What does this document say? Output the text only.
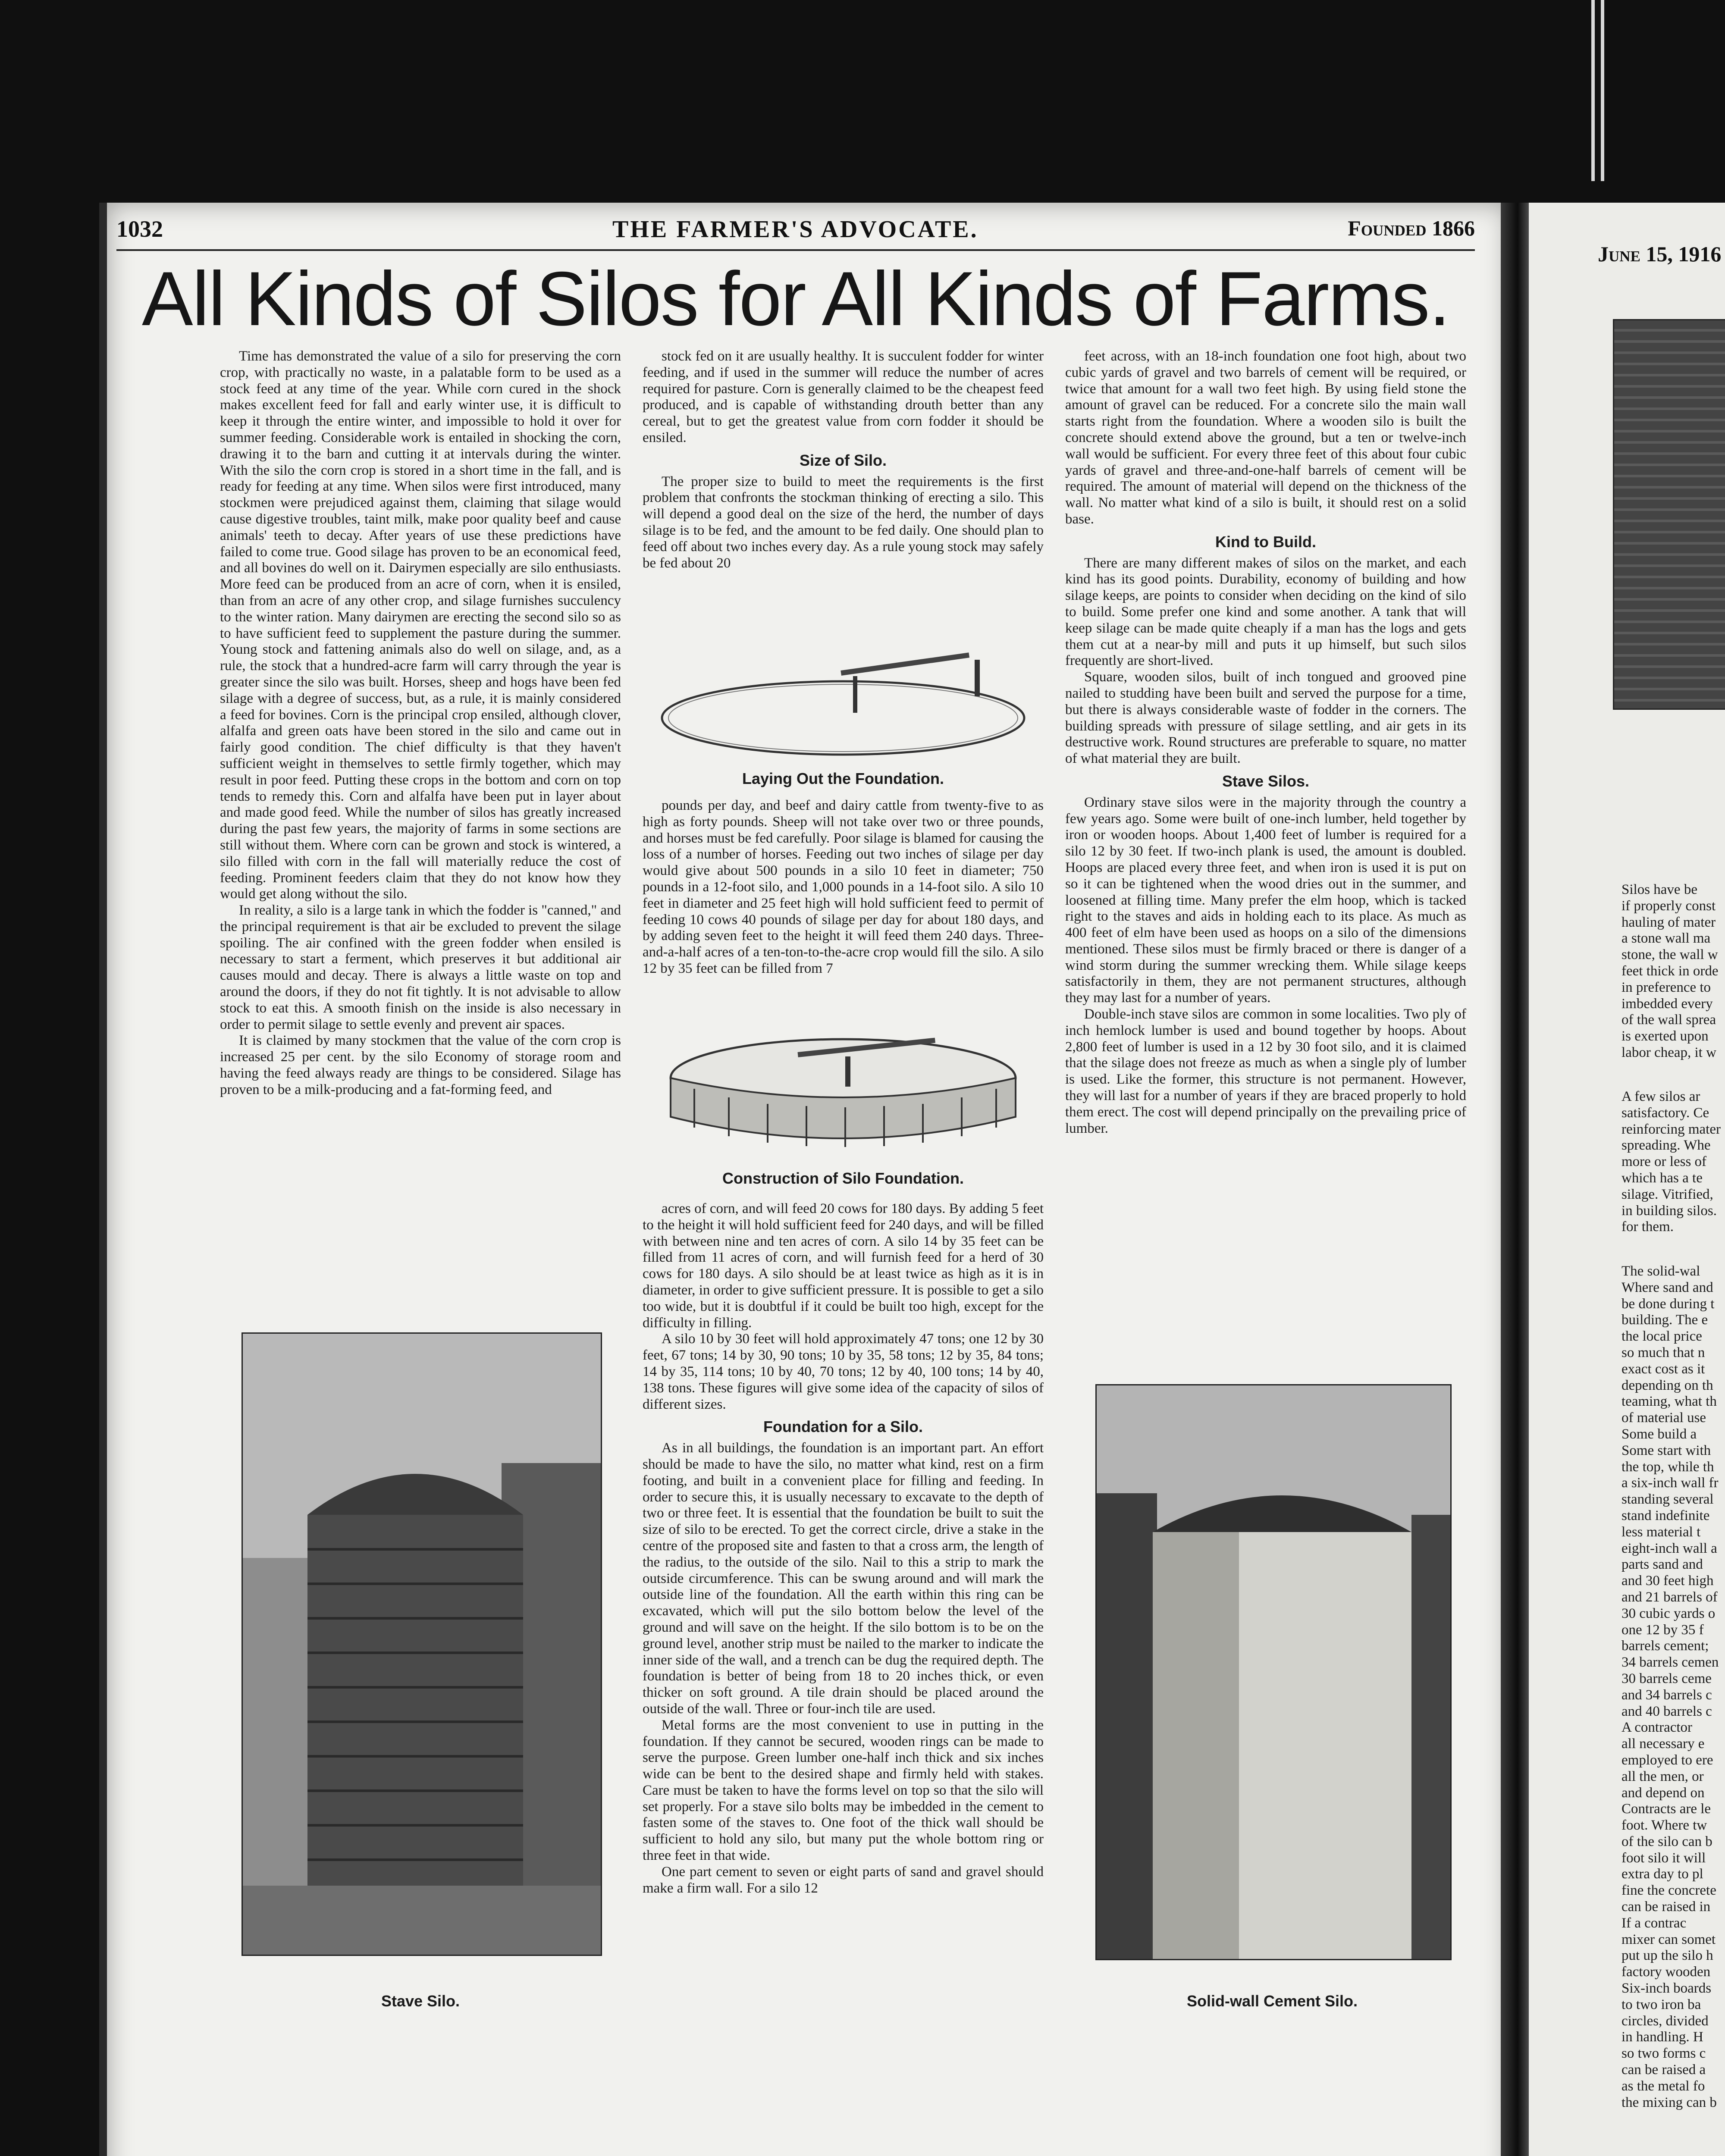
1032	THE FARMER'S ADVOCATE.	Founded 1866
All Kinds of Silos for All Kinds of Farms.

Time has demonstrated the value of a silo for preserving the corn crop, with practically no waste, in a palatable form to be used as a stock feed at any time of the year. While corn cured in the shock makes excellent feed for fall and early winter use, it is difficult to keep it through the entire winter, and impossible to hold it over for summer feeding. Considerable work is entailed in shocking the corn, drawing it to the barn and cutting it at intervals during the winter. With the silo the corn crop is stored in a short time in the fall, and is ready for feeding at any time. When silos were first introduced, many stockmen were prejudiced against them, claiming that silage would cause digestive troubles, taint milk, make poor quality beef and cause animals' teeth to decay. After years of use these predictions have failed to come true. Good silage has proven to be an economical feed, and all bovines do well on it. Dairymen especially are silo enthusiasts. More feed can be produced from an acre of corn, when it is ensiled, than from an acre of any other crop, and silage furnishes succulency to the winter ration. Many dairymen are erecting the second silo so as to have sufficient feed to supplement the pasture during the summer. Young stock and fattening animals also do well on silage, and, as a rule, the stock that a hundred-acre farm will carry through the year is greater since the silo was built. Horses, sheep and hogs have been fed silage with a degree of success, but, as a rule, it is mainly considered a feed for bovines. Corn is the principal crop ensiled, although clover, alfalfa and green oats have been stored in the silo and came out in fairly good condition. The chief difficulty is that they haven't sufficient weight in themselves to settle firmly together, which may result in poor feed. Putting these crops in the bottom and corn on top tends to remedy this. Corn and alfalfa have been put in layer about and made good feed. While the number of silos has greatly increased during the past few years, the majority of farms in some sections are still without them. Where corn can be grown and stock is wintered, a silo filled with corn in the fall will materially reduce the cost of feeding. Prominent feeders claim that they do not know how they would get along without the silo.

In reality, a silo is a large tank in which the fodder is "canned," and the principal requirement is that air be excluded to prevent the silage spoiling. The air confined with the green fodder when ensiled is necessary to start a ferment, which preserves it but additional air causes mould and decay. There is always a little waste on top and around the doors, if they do not fit tightly. It is not advisable to allow stock to eat this. A smooth finish on the inside is also necessary in order to permit silage to settle evenly and prevent air spaces.

It is claimed by many stockmen that the value of the corn crop is increased 25 per cent. by the silo Economy of storage room and having the feed always ready are things to be considered. Silage has proven to be a milk-producing and a fat-forming feed, and

Stave Silo.

stock fed on it are usually healthy. It is succulent fodder for winter feeding, and if used in the summer will reduce the number of acres required for pasture. Corn is generally claimed to be the cheapest feed produced, and is capable of withstanding drouth better than any cereal, but to get the greatest value from corn fodder it should be ensiled.

Size of Silo.

The proper size to build to meet the requirements is the first problem that confronts the stockman thinking of erecting a silo. This will depend a good deal on the size of the herd, the number of days silage is to be fed, and the amount to be fed daily. One should plan to feed off about two inches every day. As a rule young stock may safely be fed about 20

Laying Out the Foundation.

pounds per day, and beef and dairy cattle from twenty-five to as high as forty pounds. Sheep will not take over two or three pounds, and horses must be fed carefully. Poor silage is blamed for causing the loss of a number of horses. Feeding out two inches of silage per day would give about 500 pounds in a silo 10 feet in diameter; 750 pounds in a 12-foot silo, and 1,000 pounds in a 14-foot silo. A silo 10 feet in diameter and 25 feet high will hold sufficient feed to permit of feeding 10 cows 40 pounds of silage per day for about 180 days, and by adding seven feet to the height it will feed them 240 days. Three-and-a-half acres of a ten-ton-to-the-acre crop would fill the silo. A silo 12 by 35 feet can be filled from 7

Construction of Silo Foundation.

acres of corn, and will feed 20 cows for 180 days. By adding 5 feet to the height it will hold sufficient feed for 240 days, and will be filled with between nine and ten acres of corn. A silo 14 by 35 feet can be filled from 11 acres of corn, and will furnish feed for a herd of 30 cows for 180 days. A silo should be at least twice as high as it is in diameter, in order to give sufficient pressure. It is possible to get a silo too wide, but it is doubtful if it could be built too high, except for the difficulty in filling.

A silo 10 by 30 feet will hold approximately 47 tons; one 12 by 30 feet, 67 tons; 14 by 30, 90 tons; 10 by 35, 58 tons; 12 by 35, 84 tons; 14 by 35, 114 tons; 10 by 40, 70 tons; 12 by 40, 100 tons; 14 by 40, 138 tons. These figures will give some idea of the capacity of silos of different sizes.

Foundation for a Silo.

As in all buildings, the foundation is an important part. An effort should be made to have the silo, no matter what kind, rest on a firm footing, and built in a convenient place for filling and feeding. In order to secure this, it is usually necessary to excavate to the depth of two or three feet. It is essential that the foundation be built to suit the size of silo to be erected. To get the correct circle, drive a stake in the centre of the proposed site and fasten to that a cross arm, the length of the radius, to the outside of the silo. Nail to this a strip to mark the outside circumference. This can be swung around and will mark the outside line of the foundation. All the earth within this ring can be excavated, which will put the silo bottom below the level of the ground and will save on the height. If the silo bottom is to be on the ground level, another strip must be nailed to the marker to indicate the inner side of the wall, and a trench can be dug the required depth. The foundation is better of being from 18 to 20 inches thick, or even thicker on soft ground. A tile drain should be placed around the outside of the wall. Three or four-inch tile are used.

Metal forms are the most convenient to use in putting in the foundation. If they cannot be secured, wooden rings can be made to serve the purpose. Green lumber one-half inch thick and six inches wide can be bent to the desired shape and firmly held with stakes. Care must be taken to have the forms level on top so that the silo will set properly. For a stave silo bolts may be imbedded in the cement to fasten some of the staves to. One foot of the thick wall should be sufficient to hold any silo, but many put the whole bottom ring or three feet in that wide.

One part cement to seven or eight parts of sand and gravel should make a firm wall. For a silo 12

feet across, with an 18-inch foundation one foot high, about two cubic yards of gravel and two barrels of cement will be required, or twice that amount for a wall two feet high. By using field stone the amount of gravel can be reduced. For a concrete silo the main wall starts right from the foundation. Where a wooden silo is built the concrete should extend above the ground, but a ten or twelve-inch wall would be sufficient. For every three feet of this about four cubic yards of gravel and three-and-one-half barrels of cement will be required. The amount of material will depend on the thickness of the wall. No matter what kind of a silo is built, it should rest on a solid base.

Kind to Build.

There are many different makes of silos on the market, and each kind has its good points. Durability, economy of building and how silage keeps, are points to consider when deciding on the kind of silo to build. Some prefer one kind and some another. A tank that will keep silage can be made quite cheaply if a man has the logs and gets them cut at a near-by mill and puts it up himself, but such silos frequently are short-lived.

Square, wooden silos, built of inch tongued and grooved pine nailed to studding have been built and served the purpose for a time, but there is always considerable waste of fodder in the corners. The building spreads with pressure of silage settling, and air gets in its destructive work. Round structures are preferable to square, no matter of what material they are built.

Stave Silos.

Ordinary stave silos were in the majority through the country a few years ago. Some were built of one-inch lumber, held together by iron or wooden hoops. About 1,400 feet of lumber is required for a silo 12 by 30 feet. If two-inch plank is used, the amount is doubled. Hoops are placed every three feet, and when iron is used it is put on so it can be tightened when the wood dries out in the summer, and loosened at filling time. Many prefer the elm hoop, which is tacked right to the staves and aids in holding each to its place. As much as 400 feet of elm have been used as hoops on a silo of the dimensions mentioned. These silos must be firmly braced or there is danger of a wind storm during the summer wrecking them. While silage keeps satisfactorily in them, they are not permanent structures, although they may last for a number of years.

Double-inch stave silos are common in some localities. Two ply of inch hemlock lumber is used and bound together by hoops. About 2,800 feet of lumber is used in a 12 by 30 foot silo, and it is claimed that the silage does not freeze as much as when a single ply of lumber is used. Like the former, this structure is not permanent. However, they will last for a number of years if they are braced properly to hold them erect. The cost will depend principally on the prevailing price of lumber.

Solid-wall Cement Silo.
June 15, 1916

Silos have be

if properly const

hauling of mater

a stone wall ma

stone, the wall w

feet thick in orde

in preference to

imbedded every

of the wall sprea

is exerted upon

labor cheap, it w

A few silos ar

satisfactory. Ce

reinforcing mater

spreading. Whe

more or less of

which has a te

silage. Vitrified,

in building silos.

for them.

The solid-wal

Where sand and

be done during t

building. The e

the local price

so much that n

exact cost as it

depending on th

teaming, what th

of material use

Some build a

Some start with

the top, while th

a six-inch wall fr

standing several

stand indefinite

less material t

eight-inch wall a

parts sand and

and 30 feet high

and 21 barrels of

30 cubic yards o

one 12 by 35 f

barrels cement;

34 barrels cemen

30 barrels ceme

and 34 barrels c

and 40 barrels c

A contractor

all necessary e

employed to ere

all the men, or

and depend on

Contracts are le

foot. Where tw

of the silo can b

foot silo it will

extra day to pl

fine the concrete

can be raised in

If a contrac

mixer can somet

put up the silo h

factory wooden

Six-inch boards

to two iron ba

circles, divided

in handling. H

so two forms c

can be raised a

as the metal fo

the mixing can b
